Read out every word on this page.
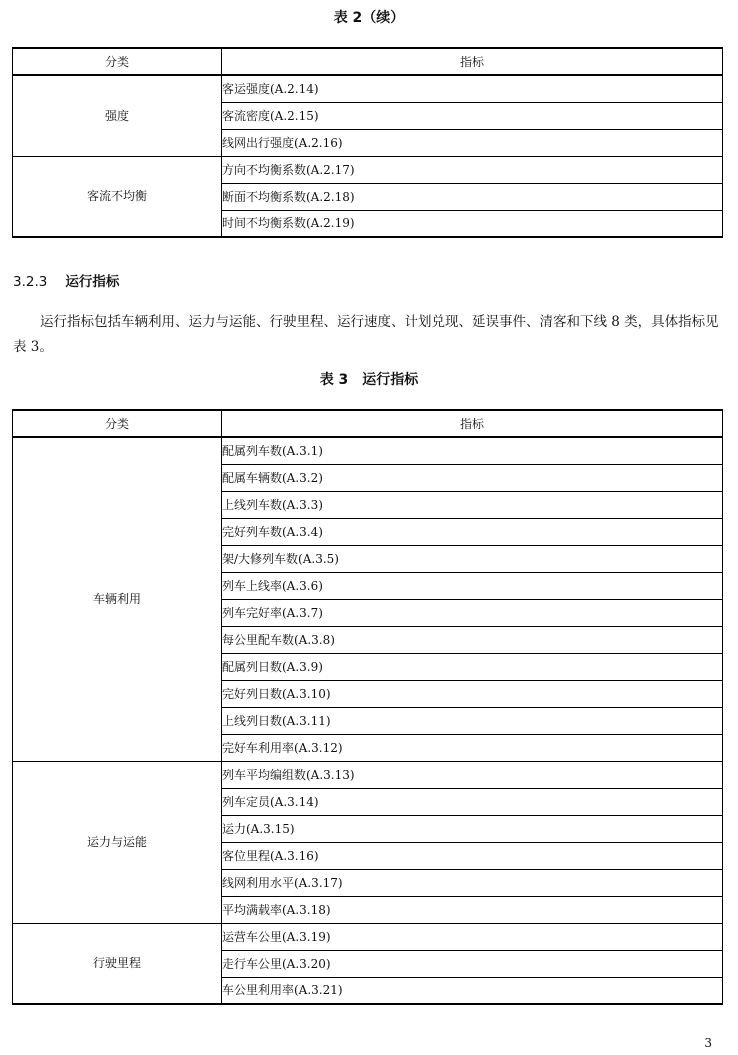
表 2（续）
分类	指标
强度	客运强度(A.2.14)
	客流密度(A.2.15)
	线网出行强度(A.2.16)
客流不均衡	方向不均衡系数(A.2.17)
	断面不均衡系数(A.2.18)
	时间不均衡系数(A.2.19)
3.2.3 运行指标

运行指标包括车辆利用、运力与运能、行驶里程、运行速度、计划兑现、延误事件、清客和下线 8 类，具体指标见表 3。

表 3　运行指标
分类	指标
车辆利用	配属列车数(A.3.1)
	配属车辆数(A.3.2)
	上线列车数(A.3.3)
	完好列车数(A.3.4)
	架/大修列车数(A.3.5)
	列车上线率(A.3.6)
	列车完好率(A.3.7)
	每公里配车数(A.3.8)
	配属列日数(A.3.9)
	完好列日数(A.3.10)
	上线列日数(A.3.11)
	完好车利用率(A.3.12)
运力与运能	列车平均编组数(A.3.13)
	列车定员(A.3.14)
	运力(A.3.15)
	客位里程(A.3.16)
	线网利用水平(A.3.17)
	平均满载率(A.3.18)
行驶里程	运营车公里(A.3.19)
	走行车公里(A.3.20)
	车公里利用率(A.3.21)
3
